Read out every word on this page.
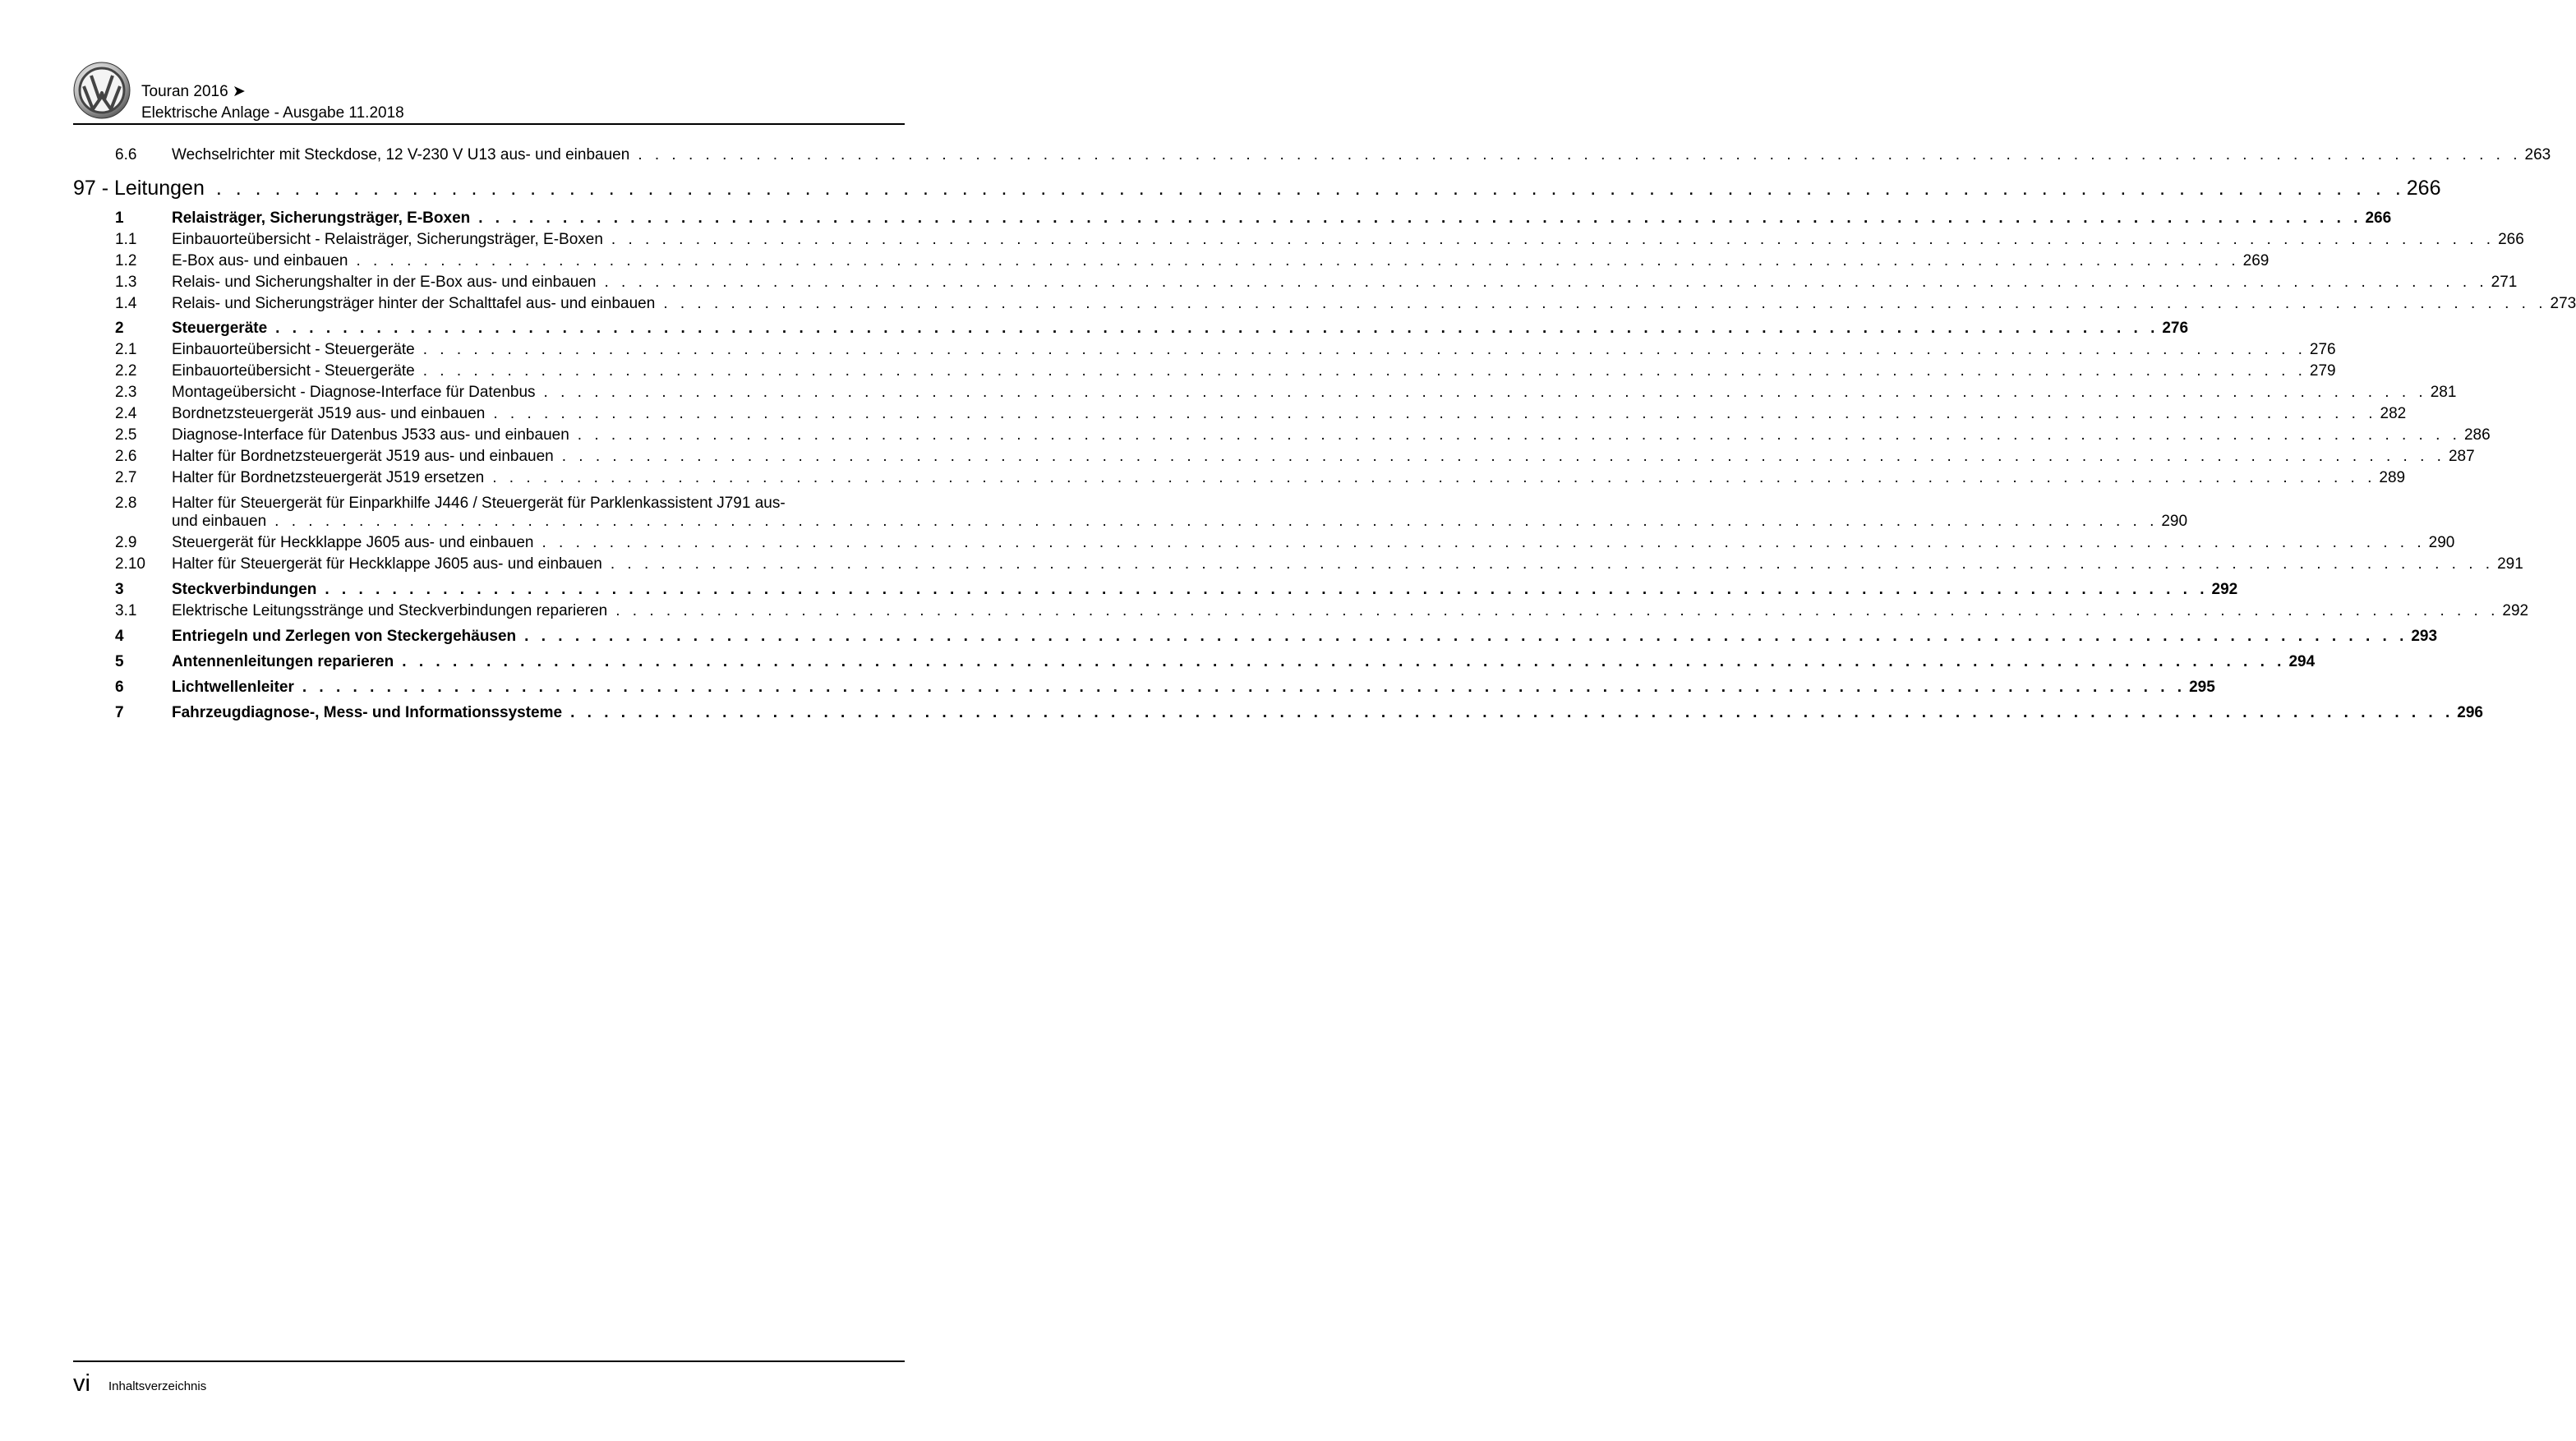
Touran 2016 ➤
Elektrische Anlage - Ausgabe 11.2018
6.6	Wechselrichter mit Steckdose, 12 V-230 V U13 aus- und einbauen . . . . . . . . . . . . . . . . . . . . . . . . . . . . . . . . . . . . . . . . . . . . . . . . . . . . . . . . . . . . . . . . . . . . . . . . . . . . . . . . . . . . . . . . . . . . . . . . . . . . . . . . . . . . . . . . 263
97 - Leitungen . . . . . . . . . . . . . . . . . . . . . . . . . . . . . . . . . . . . . . . . . . . . . . . . . . . . . . . . . . . . . . . . . . . . . . . . . . . . . . . . . . . . . . . . . . . . . . . . . . . . . . . . . . . . . . . . 266
1	Relaisträger, Sicherungsträger, E-Boxen . . . . . . . . . . . . . . . . . . . . . . . . . . . . . . . . . . . . . . . . . . . . . . . . . . . . . . . . . . . . . . . . . . . . . . . . . . . . . . . . . . . . . . . . . . . . . . . . . . . . . . . . . . . . . . . . 266
1.1	Einbauorteübersicht - Relaisträger, Sicherungsträger, E-Boxen . . . . . . . . . . . . . . . . . . . . . . . . . . . . . . . . . . . . . . . . . . . . . . . . . . . . . . . . . . . . . . . . . . . . . . . . . . . . . . . . . . . . . . . . . . . . . . . . . . . . . . . . . . . . . . . . 266
1.2	E-Box aus- und einbauen . . . . . . . . . . . . . . . . . . . . . . . . . . . . . . . . . . . . . . . . . . . . . . . . . . . . . . . . . . . . . . . . . . . . . . . . . . . . . . . . . . . . . . . . . . . . . . . . . . . . . . . . . . . . . . . . 269
1.3	Relais- und Sicherungshalter in der E-Box aus- und einbauen . . . . . . . . . . . . . . . . . . . . . . . . . . . . . . . . . . . . . . . . . . . . . . . . . . . . . . . . . . . . . . . . . . . . . . . . . . . . . . . . . . . . . . . . . . . . . . . . . . . . . . . . . . . . . . . . 271
1.4	Relais- und Sicherungsträger hinter der Schalttafel aus- und einbauen . . . . . . . . . . . . . . . . . . . . . . . . . . . . . . . . . . . . . . . . . . . . . . . . . . . . . . . . . . . . . . . . . . . . . . . . . . . . . . . . . . . . . . . . . . . . . . . . . . . . . . . . . . . . . . . . 273
2	Steuergeräte . . . . . . . . . . . . . . . . . . . . . . . . . . . . . . . . . . . . . . . . . . . . . . . . . . . . . . . . . . . . . . . . . . . . . . . . . . . . . . . . . . . . . . . . . . . . . . . . . . . . . . . . . . . . . . . . 276
2.1	Einbauorteübersicht - Steuergeräte . . . . . . . . . . . . . . . . . . . . . . . . . . . . . . . . . . . . . . . . . . . . . . . . . . . . . . . . . . . . . . . . . . . . . . . . . . . . . . . . . . . . . . . . . . . . . . . . . . . . . . . . . . . . . . . . 276
2.2	Einbauorteübersicht - Steuergeräte . . . . . . . . . . . . . . . . . . . . . . . . . . . . . . . . . . . . . . . . . . . . . . . . . . . . . . . . . . . . . . . . . . . . . . . . . . . . . . . . . . . . . . . . . . . . . . . . . . . . . . . . . . . . . . . . 279
2.3	Montageübersicht - Diagnose-Interface für Datenbus . . . . . . . . . . . . . . . . . . . . . . . . . . . . . . . . . . . . . . . . . . . . . . . . . . . . . . . . . . . . . . . . . . . . . . . . . . . . . . . . . . . . . . . . . . . . . . . . . . . . . . . . . . . . . . . . 281
2.4	Bordnetzsteuergerät J519 aus- und einbauen . . . . . . . . . . . . . . . . . . . . . . . . . . . . . . . . . . . . . . . . . . . . . . . . . . . . . . . . . . . . . . . . . . . . . . . . . . . . . . . . . . . . . . . . . . . . . . . . . . . . . . . . . . . . . . . . 282
2.5	Diagnose-Interface für Datenbus J533 aus- und einbauen . . . . . . . . . . . . . . . . . . . . . . . . . . . . . . . . . . . . . . . . . . . . . . . . . . . . . . . . . . . . . . . . . . . . . . . . . . . . . . . . . . . . . . . . . . . . . . . . . . . . . . . . . . . . . . . . 286
2.6	Halter für Bordnetzsteuergerät J519 aus- und einbauen . . . . . . . . . . . . . . . . . . . . . . . . . . . . . . . . . . . . . . . . . . . . . . . . . . . . . . . . . . . . . . . . . . . . . . . . . . . . . . . . . . . . . . . . . . . . . . . . . . . . . . . . . . . . . . . . 287
2.7	Halter für Bordnetzsteuergerät J519 ersetzen . . . . . . . . . . . . . . . . . . . . . . . . . . . . . . . . . . . . . . . . . . . . . . . . . . . . . . . . . . . . . . . . . . . . . . . . . . . . . . . . . . . . . . . . . . . . . . . . . . . . . . . . . . . . . . . . 289
2.8 Halter für Steuergerät für Einparkhilfe J446 / Steuergerät für Parklenkassistent J791 aus-
und einbauen . . . . . . . . . . . . . . . . . . . . . . . . . . . . . . . . . . . . . . . . . . . . . . . . . . . . . . . . . . . . . . . . . . . . . . . . . . . . . . . . . . . . . . . . . . . . . . . . . . . . . . . . . . . . . . . . 290
2.9	Steuergerät für Heckklappe J605 aus- und einbauen . . . . . . . . . . . . . . . . . . . . . . . . . . . . . . . . . . . . . . . . . . . . . . . . . . . . . . . . . . . . . . . . . . . . . . . . . . . . . . . . . . . . . . . . . . . . . . . . . . . . . . . . . . . . . . . . 290
2.10	Halter für Steuergerät für Heckklappe J605 aus- und einbauen . . . . . . . . . . . . . . . . . . . . . . . . . . . . . . . . . . . . . . . . . . . . . . . . . . . . . . . . . . . . . . . . . . . . . . . . . . . . . . . . . . . . . . . . . . . . . . . . . . . . . . . . . . . . . . . . 291
3	Steckverbindungen . . . . . . . . . . . . . . . . . . . . . . . . . . . . . . . . . . . . . . . . . . . . . . . . . . . . . . . . . . . . . . . . . . . . . . . . . . . . . . . . . . . . . . . . . . . . . . . . . . . . . . . . . . . . . . . . 292
3.1	Elektrische Leitungsstränge und Steckverbindungen reparieren . . . . . . . . . . . . . . . . . . . . . . . . . . . . . . . . . . . . . . . . . . . . . . . . . . . . . . . . . . . . . . . . . . . . . . . . . . . . . . . . . . . . . . . . . . . . . . . . . . . . . . . . . . . . . . . . 292
4	Entriegeln und Zerlegen von Steckergehäusen . . . . . . . . . . . . . . . . . . . . . . . . . . . . . . . . . . . . . . . . . . . . . . . . . . . . . . . . . . . . . . . . . . . . . . . . . . . . . . . . . . . . . . . . . . . . . . . . . . . . . . . . . . . . . . . . 293
5	Antennenleitungen reparieren . . . . . . . . . . . . . . . . . . . . . . . . . . . . . . . . . . . . . . . . . . . . . . . . . . . . . . . . . . . . . . . . . . . . . . . . . . . . . . . . . . . . . . . . . . . . . . . . . . . . . . . . . . . . . . . . 294
6	Lichtwellenleiter . . . . . . . . . . . . . . . . . . . . . . . . . . . . . . . . . . . . . . . . . . . . . . . . . . . . . . . . . . . . . . . . . . . . . . . . . . . . . . . . . . . . . . . . . . . . . . . . . . . . . . . . . . . . . . . . 295
7	Fahrzeugdiagnose-, Mess- und Informationssysteme . . . . . . . . . . . . . . . . . . . . . . . . . . . . . . . . . . . . . . . . . . . . . . . . . . . . . . . . . . . . . . . . . . . . . . . . . . . . . . . . . . . . . . . . . . . . . . . . . . . . . . . . . . . . . . . . 296
vi Inhaltsverzeichnis
